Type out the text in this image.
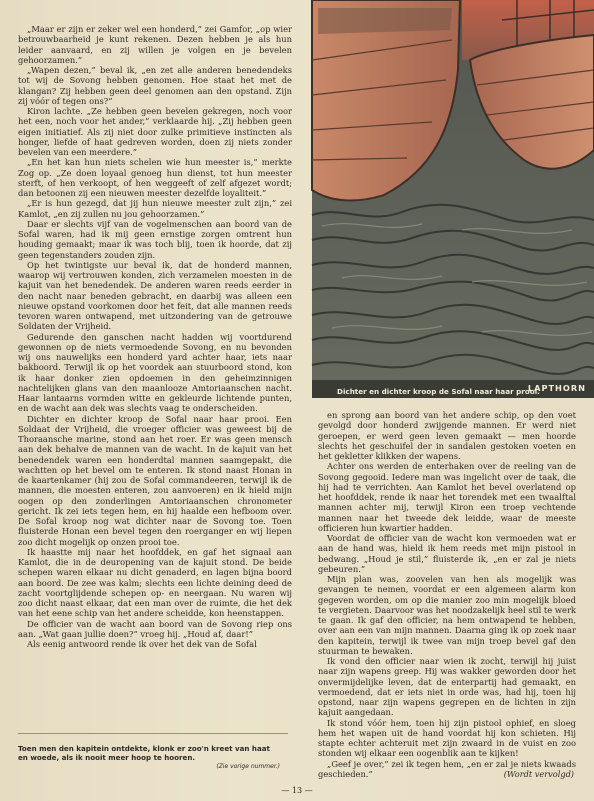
„Maar er zijn er zeker wel een honderd,” zei Gamfor, „op wier betrouwbaarheid je kunt rekenen. Dezen hebben je als hun leider aanvaard, en zij willen je volgen en je bevelen gehoorzamen.”

„Wapen dezen,” beval ik, „en zet alle anderen benedendeks tot wij de Sovong hebben genomen. Hoe staat het met de klangan? Zij hebben geen deel genomen aan den opstand. Zijn zij vóór of tegen ons?”

Kiron lachte. „Ze hebben geen bevelen gekregen, noch voor het een, noch voor het ander,” verklaarde hij. „Zij hebben geen eigen initiatief. Als zij niet door zulke primitieve instincten als honger, liefde of haat gedreven worden, doen zij niets zonder bevelen van een meerdere.”

„En het kan hun niets schelen wie hun meester is,” merkte Zog op. „Ze doen loyaal genoeg hun dienst, tot hun meester sterft, of hen verkoopt, of hen weggeeft of zelf afgezet wordt; dan betoonen zij een nieuwen meester dezelfde loyaliteit.”

„Er is hun gezegd, dat jij hun nieuwe meester zult zijn,” zei Kamlot, „en zij zullen nu jou gehoorzamen.”

Daar er slechts vijf van de vogelmenschen aan boord van de Sofal waren, had ik mij geen ernstige zorgen omtrent hun houding gemaakt; maar ik was toch blij, toen ik hoorde, dat zij geen tegenstanders zouden zijn.

Op het twintigste uur beval ik, dat de honderd mannen, waarop wij vertrouwen konden, zich verzamelen moesten in de kajuit van het benedendek. De anderen waren reeds eerder in den nacht naar beneden gebracht, en daarbij was alleen een nieuwe opstand voorkomen door het feit, dat alle mannen reeds tevoren waren ontwapend, met uitzondering van de getrouwe Soldaten der Vrijheid.

Gedurende den ganschen nacht hadden wij voortdurend gewonnen op de niets vermoedende Sovong, en nu bevonden wij ons nauwelijks een honderd yard achter haar, iets naar bakboord. Terwijl ik op het voordek aan stuurboord stond, kon ik haar donker zien opdoemen in den geheimzinnigen nachtelijken glans van den maanlooze Amtoriaanschen nacht. Haar lantaarns vormden witte en gekleurde lichtende punten, en de wacht aan dek was slechts vaag te onderscheiden.

Dichter en dichter kroop de Sofal naar haar prooi. Een Soldaat der Vrijheid, die vroeger officier was geweest bij de Thoraansche marine, stond aan het roer. Er was geen mensch aan dek behalve de mannen van de wacht. In de kajuit van het benedendek waren een honderdtal mannen saamgepakt, die wachtten op het bevel om te enteren. Ik stond naast Honan in de kaartenkamer (hij zou de Sofal commandeeren, terwijl ik de mannen, die moesten enteren, zou aanvoeren) en ik hield mijn oogen op den zonderlingen Amtoriaanschen chronometer gericht. Ik zei iets tegen hem, en hij haalde een hefboom over. De Sofal kroop nog wat dichter naar de Sovong toe. Toen fluisterde Honan een bevel tegen den roerganger en wij liepen zoo dicht mogelijk op onzen prooi toe.

Ik haastte mij naar het hoofddek, en gaf het signaal aan Kamlot, die in de deuropening van de kajuit stond. De beide schepen waren elkaar nu dicht genaderd, en lagen bijna boord aan boord. De zee was kalm; slechts een lichte deining deed de zacht voortglijdende schepen op- en neergaan. Nu waren wij zoo dicht naast elkaar, dat een man over de ruimte, die het dek van het eene schip van het andere scheidde, kon heenstappen.

De officier van de wacht aan boord van de Sovong riep ons aan. „Wat gaan jullie doen?” vroeg hij. „Houd af, daar!”

Als eenig antwoord rende ik over het dek van de Sofal

Dichter en dichter kroop de Sofal naar haar prooi.
LAPTHORN

en sprong aan boord van het andere schip, op den voet gevolgd door honderd zwijgende mannen. Er werd niet geroepen, er werd geen leven gemaakt — men hoorde slechts het geschuifel der in sandalen gestoken voeten en het gekletter klikken der wapens.

Achter ons werden de enterhaken over de reeling van de Sovong gegooid. Iedere man was ingelicht over de taak, die hij had te verrichten. Aan Kamlot het bevel overlatend op het hoofddek, rende ik naar het torendek met een twaalftal mannen achter mij, terwijl Kiron een troep vechtende mannen naar het tweede dek leidde, waar de meeste officieren hun kwartier hadden.

Voordat de officier van de wacht kon vermoeden wat er aan de hand was, hield ik hem reeds met mijn pistool in bedwang. „Houd je stil,” fluisterde ik, „en er zal je niets gebeuren.”

Mijn plan was, zoovelen van hen als mogelijk was gevangen te nemen, voordat er een algemeen alarm kon gegeven worden, om op die manier zoo min mogelijk bloed te vergieten. Daarvoor was het noodzakelijk heel stil te werk te gaan. Ik gaf den officier, na hem ontwapend te hebben, over aan een van mijn mannen. Daarna ging ik op zoek naar den kapitein, terwijl ik twee van mijn troep bevel gaf den stuurman te bewaken.

Ik vond den officier naar wien ik zocht, terwijl hij juist naar zijn wapens greep. Hij was wakker geworden door het onvermijdelijke leven, dat de enterpartij had gemaakt, en vermoedend, dat er iets niet in orde was, had hij, toen hij opstond, naar zijn wapens gegrepen en de lichten in zijn kajuit aangedaan.

Ik stond vóór hem, toen hij zijn pistool ophief, en sloeg hem het wapen uit de hand voordat hij kon schieten. Hij stapte echter achteruit met zijn zwaard in de vuist en zoo stonden wij elkaar een oogenblik aan te kijken!

„Geef je over,” zei ik tegen hem, „en er zal je niets kwaads geschieden.”

Toen men den kapitein ontdekte, klonk er zoo'n kreet van haat en woede, als ik nooit meer hoop te hooren.
(Zie vorige nummer.)
(Wordt vervolgd)
— 13 —
